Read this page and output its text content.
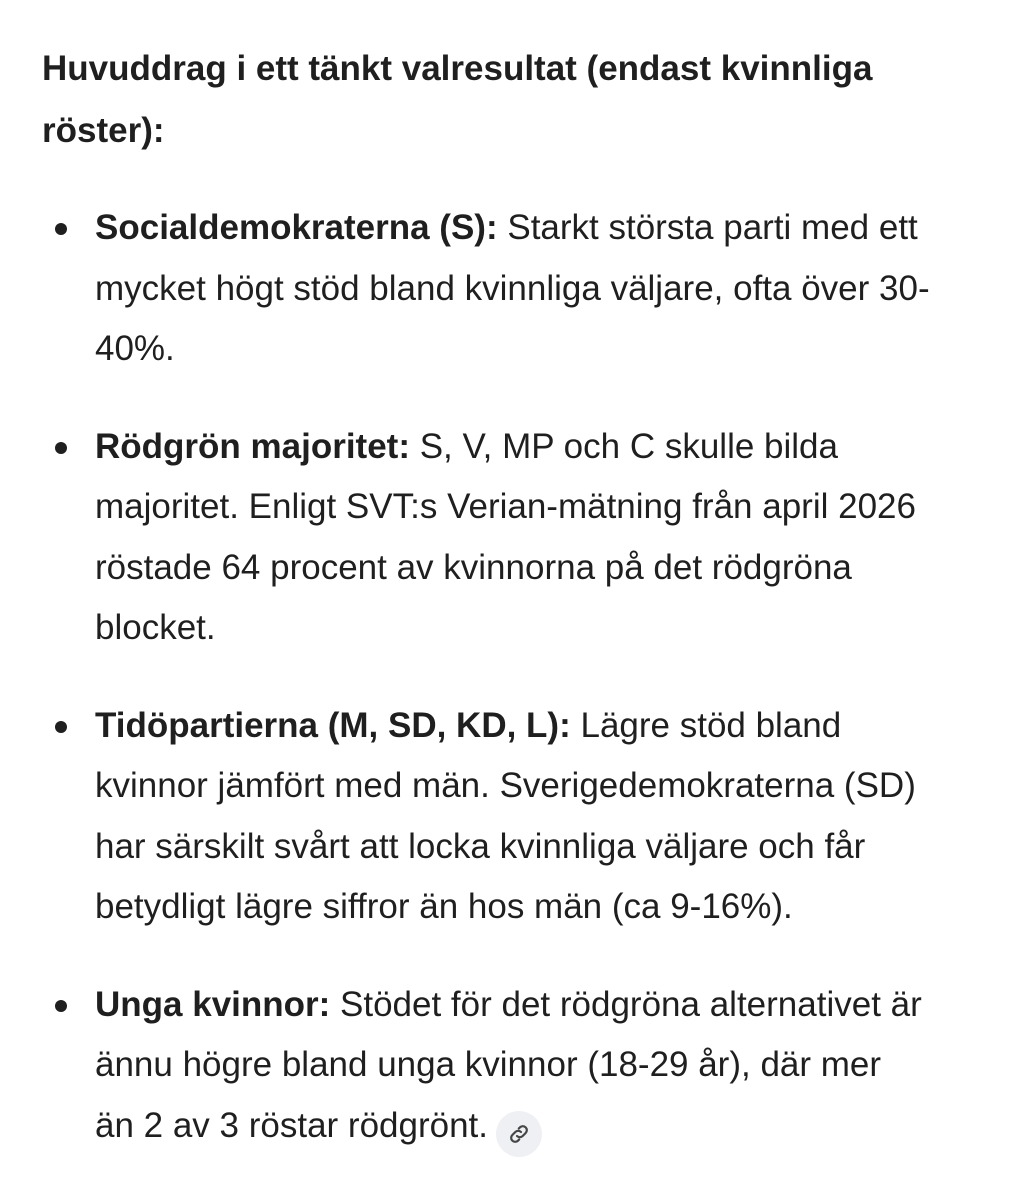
Huvuddrag i ett tänkt valresultat (endast kvinnliga röster):
Socialdemokraterna (S): Starkt största parti med ett mycket högt stöd bland kvinnliga väljare, ofta över 30-40%.
Rödgrön majoritet: S, V, MP och C skulle bilda majoritet. Enligt SVT:s Verian-mätning från april 2026 röstade 64 procent av kvinnorna på det rödgröna blocket.
Tidöpartierna (M, SD, KD, L): Lägre stöd bland kvinnor jämfört med män. Sverigedemokraterna (SD) har särskilt svårt att locka kvinnliga väljare och får betydligt lägre siffror än hos män (ca 9-16%).
Unga kvinnor: Stödet för det rödgröna alternativet är ännu högre bland unga kvinnor (18-29 år), där mer än 2 av 3 röstar rödgrönt.
